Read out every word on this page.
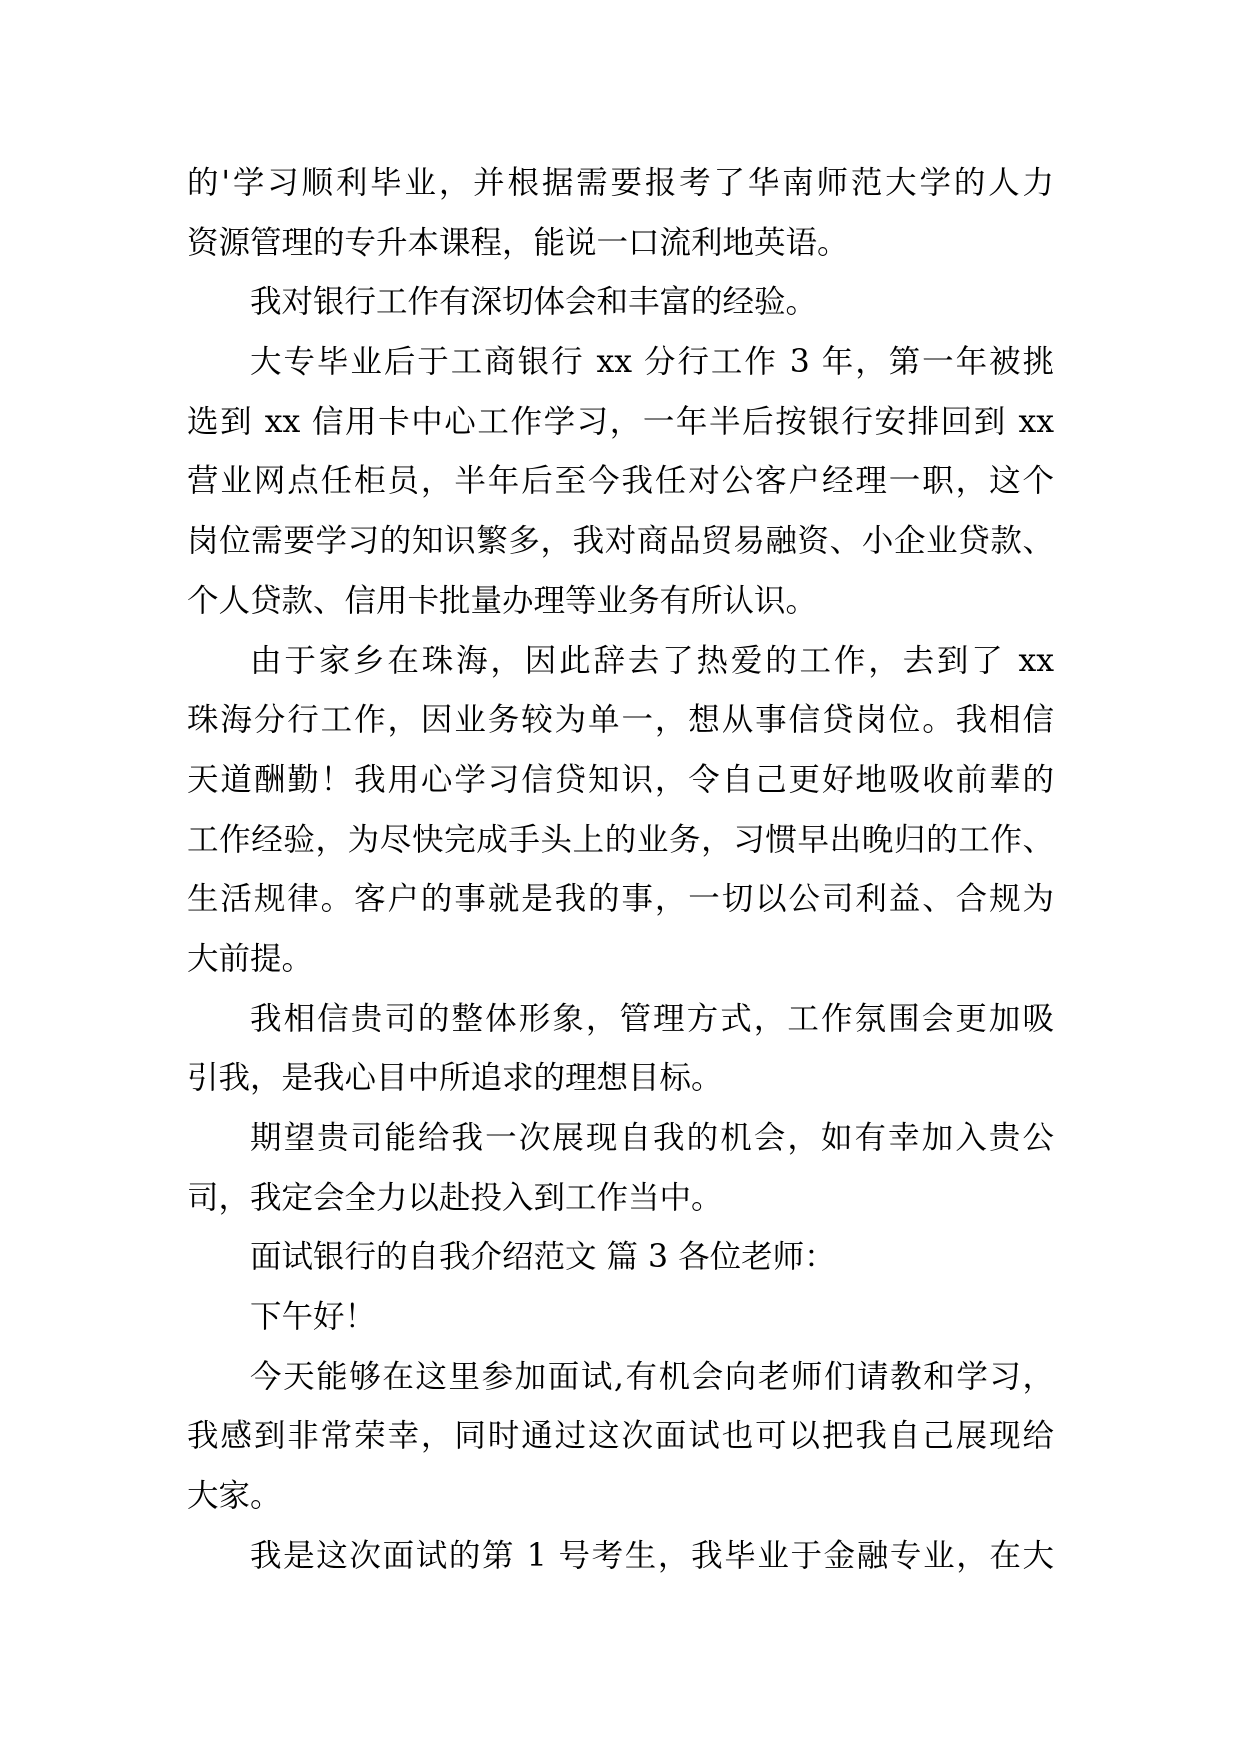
的'学习顺利毕业，并根据需要报考了华南师范大学的人力
资源管理的专升本课程，能说一口流利地英语。
我对银行工作有深切体会和丰富的经验。
大专毕业后于工商银行 xx 分行工作 3 年，第一年被挑
选到 xx 信用卡中心工作学习，一年半后按银行安排回到 xx
营业网点任柜员，半年后至今我任对公客户经理一职，这个
岗位需要学习的知识繁多，我对商品贸易融资、小企业贷款、
个人贷款、信用卡批量办理等业务有所认识。
由于家乡在珠海，因此辞去了热爱的工作，去到了 xx
珠海分行工作，因业务较为单一，想从事信贷岗位。我相信
天道酬勤！我用心学习信贷知识，令自己更好地吸收前辈的
工作经验，为尽快完成手头上的业务，习惯早出晚归的工作、
生活规律。客户的事就是我的事，一切以公司利益、合规为
大前提。
我相信贵司的整体形象，管理方式，工作氛围会更加吸
引我，是我心目中所追求的理想目标。
期望贵司能给我一次展现自我的机会，如有幸加入贵公
司，我定会全力以赴投入到工作当中。
面试银行的自我介绍范文 篇 3 各位老师：
下午好！
今天能够在这里参加面试,有机会向老师们请教和学习，
我感到非常荣幸，同时通过这次面试也可以把我自己展现给
大家。
我是这次面试的第 1 号考生，我毕业于金融专业，在大
